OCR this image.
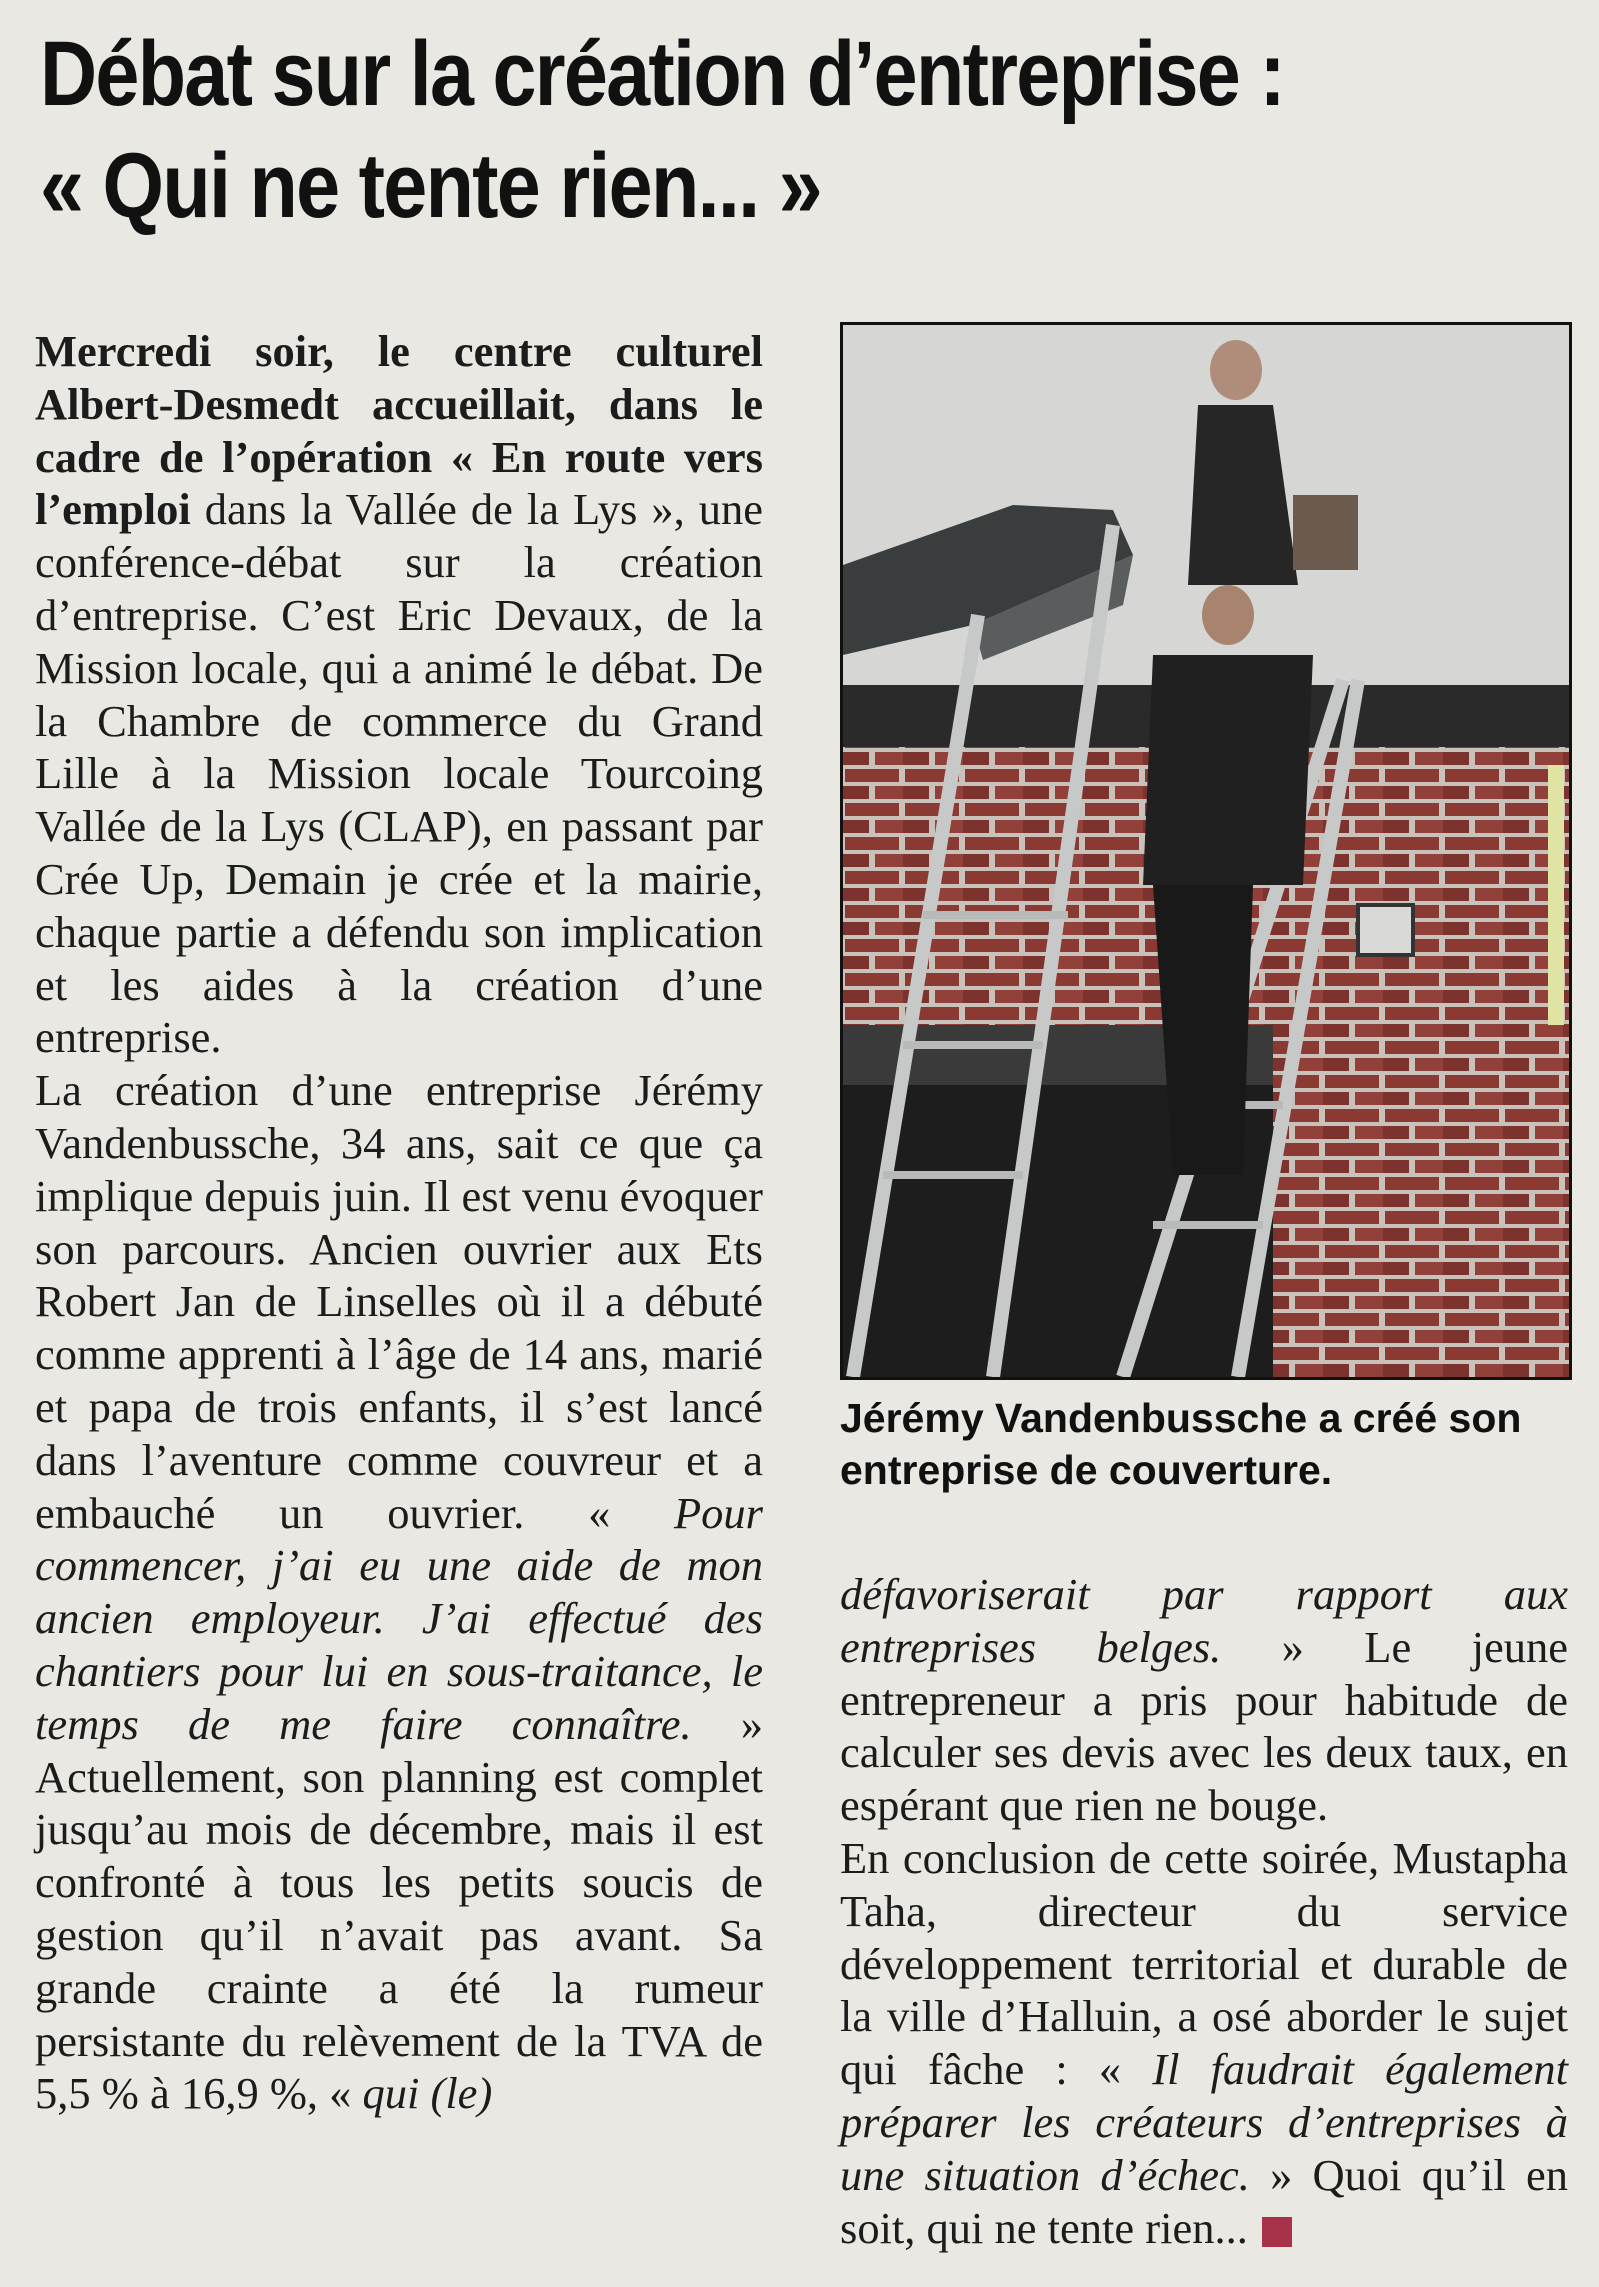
Débat sur la création d’entreprise :
« Qui ne tente rien... »

Mercredi soir, le centre culturel Albert-Desmedt accueillait, dans le cadre de l’opération « En route vers l’emploi dans la Vallée de la Lys », une conférence-débat sur la création d’entreprise. C’est Eric Devaux, de la Mission locale, qui a animé le débat. De la Chambre de commerce du Grand Lille à la Mission locale Tourcoing Vallée de la Lys (CLAP), en passant par Crée Up, Demain je crée et la mairie, chaque partie a défendu son implication et les aides à la création d’une entreprise.

La création d’une entreprise Jérémy Vandenbussche, 34 ans, sait ce que ça implique depuis juin. Il est venu évoquer son parcours. Ancien ouvrier aux Ets Robert Jan de Linselles où il a débuté comme apprenti à l’âge de 14 ans, marié et papa de trois enfants, il s’est lancé dans l’aventure comme couvreur et a embauché un ouvrier. « Pour commencer, j’ai eu une aide de mon ancien employeur. J’ai effectué des chantiers pour lui en sous-traitance, le temps de me faire connaître. » Actuellement, son planning est complet jusqu’au mois de décembre, mais il est confronté à tous les petits soucis de gestion qu’il n’avait pas avant. Sa grande crainte a été la rumeur persistante du relèvement de la TVA de 5,5 % à 16,9 %, « qui (le)

Jérémy Vandenbussche a créé son entreprise de couverture.

défavoriserait par rapport aux entreprises belges. » Le jeune entrepreneur a pris pour habitude de calculer ses devis avec les deux taux, en espérant que rien ne bouge.

En conclusion de cette soirée, Mustapha Taha, directeur du service développement territorial et durable de la ville d’Halluin, a osé aborder le sujet qui fâche : « Il faudrait également préparer les créateurs d’entreprises à une situation d’échec. » Quoi qu’il en soit, qui ne tente rien...
